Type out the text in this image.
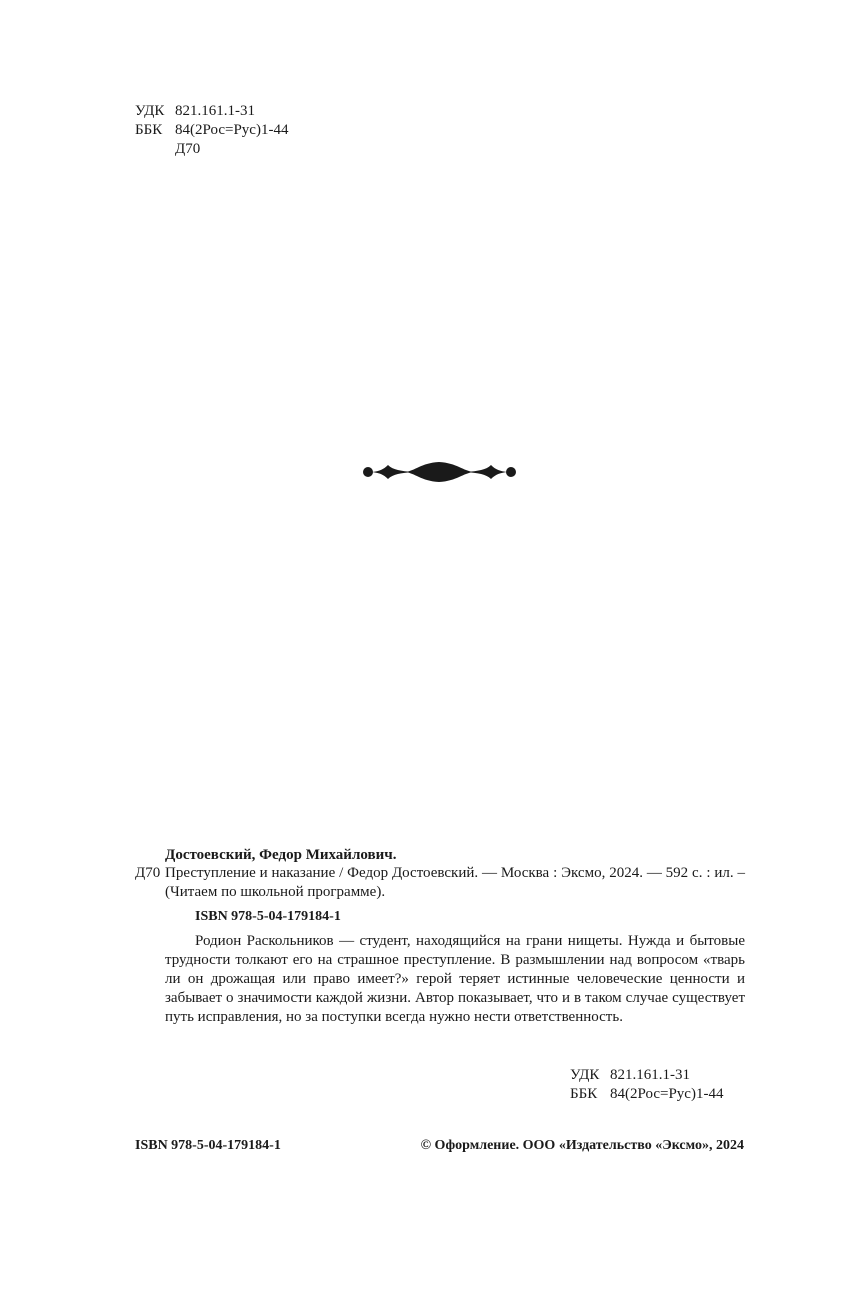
УДК 821.161.1-31
ББК 84(2Рос=Рус)1-44
Д70
Достоевский, Федор Михайлович.
Д70 Преступление и наказание / Федор Достоевский. — Москва : Эксмо, 2024. — 592 с. : ил. – (Читаем по школьной программе).
ISBN 978-5-04-179184-1

Родион Раскольников — студент, находящийся на грани нищеты. Нужда и бытовые трудности толкают его на страшное преступление. В размышлении над вопросом «тварь ли он дрожащая или право имеет?» герой теряет истинные человеческие ценности и забывает о значимости каждой жизни. Автор показывает, что и в таком случае существует путь исправления, но за поступки всегда нужно нести ответственность.

УДК 821.161.1-31
ББК 84(2Рос=Рус)1-44
ISBN 978-5-04-179184-1	© Оформление. ООО «Издательство «Эксмо», 2024
